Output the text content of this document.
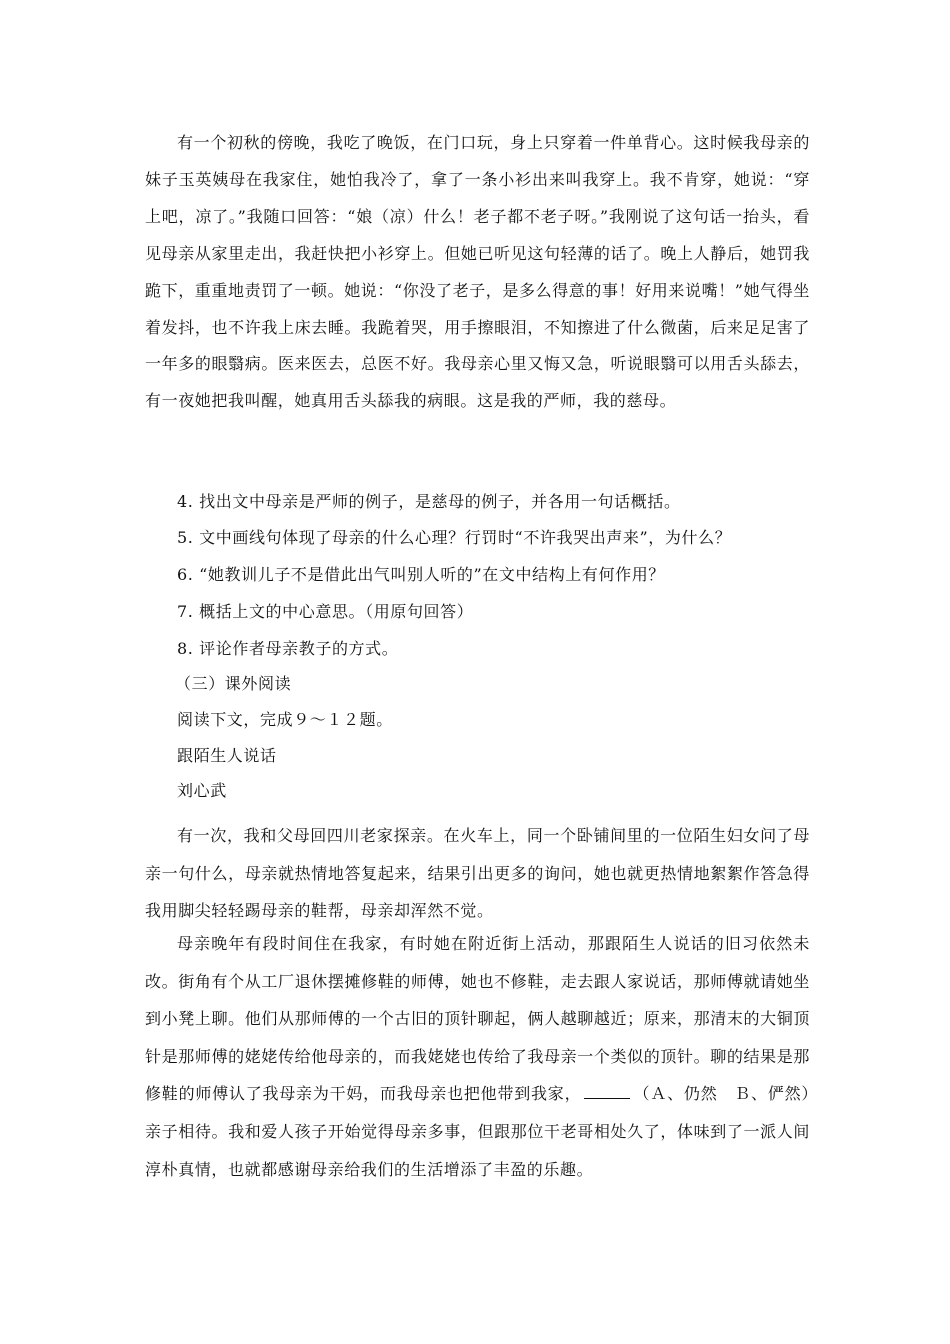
有一个初秋的傍晚，我吃了晚饭，在门口玩，身上只穿着一件单背心。这时候我母亲的妹子玉英姨母在我家住，她怕我冷了，拿了一条小衫出来叫我穿上。我不肯穿，她说：“穿上吧，凉了。”我随口回答：“娘（凉）什么！老子都不老子呀。”我刚说了这句话一抬头，看见母亲从家里走出，我赶快把小衫穿上。但她已听见这句轻薄的话了。晚上人静后，她罚我跪下，重重地责罚了一顿。她说：“你没了老子，是多么得意的事！好用来说嘴！”她气得坐着发抖，也不许我上床去睡。我跪着哭，用手擦眼泪，不知擦进了什么微菌，后来足足害了一年多的眼翳病。医来医去，总医不好。我母亲心里又悔又急，听说眼翳可以用舌头舔去，有一夜她把我叫醒，她真用舌头舔我的病眼。这是我的严师，我的慈母。

4. 找出文中母亲是严师的例子，是慈母的例子，并各用一句话概括。

5. 文中画线句体现了母亲的什么心理？行罚时“不许我哭出声来”，为什么？

6. “她教训儿子不是借此出气叫别人听的”在文中结构上有何作用？

7. 概括上文的中心意思。（用原句回答）

8. 评论作者母亲教子的方式。

（三）课外阅读

阅读下文，完成９～１２题。

跟陌生人说话

刘心武

有一次，我和父母回四川老家探亲。在火车上，同一个卧铺间里的一位陌生妇女问了母亲一句什么，母亲就热情地答复起来，结果引出更多的询问，她也就更热情地絮絮作答急得我用脚尖轻轻踢母亲的鞋帮，母亲却浑然不觉。

母亲晚年有段时间住在我家，有时她在附近街上活动，那跟陌生人说话的旧习依然未改。街角有个从工厂退休摆摊修鞋的师傅，她也不修鞋，走去跟人家说话，那师傅就请她坐到小凳上聊。他们从那师傅的一个古旧的顶针聊起，俩人越聊越近；原来，那清末的大铜顶针是那师傅的姥姥传给他母亲的，而我姥姥也传给了我母亲一个类似的顶针。聊的结果是那修鞋的师傅认了我母亲为干妈，而我母亲也把他带到我家，	（Ａ、仍然　Ｂ、俨然）亲子相待。我和爱人孩子开始觉得母亲多事，但跟那位干老哥相处久了，体味到了一派人间淳朴真情，也就都感谢母亲给我们的生活增添了丰盈的乐趣。
